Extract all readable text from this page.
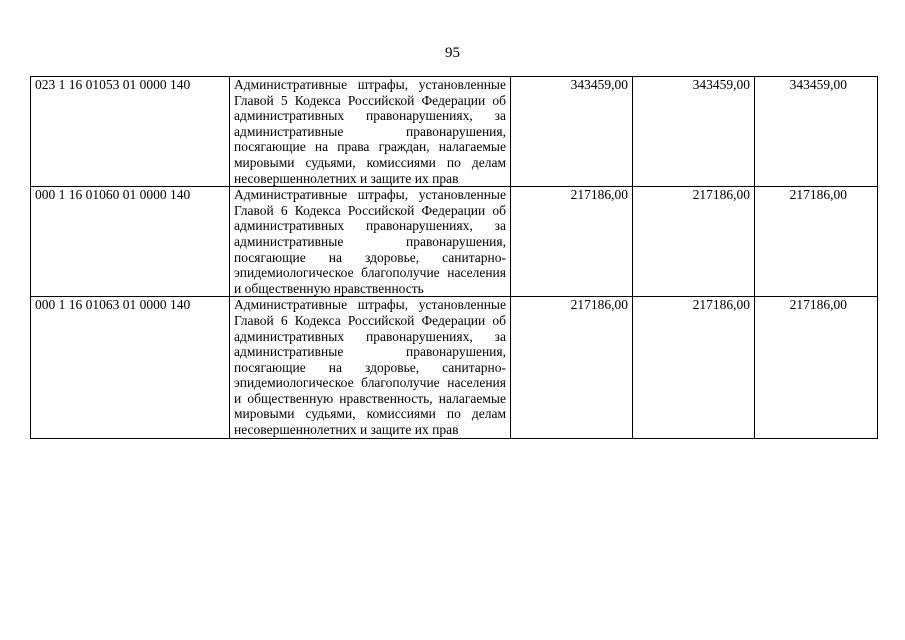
95
023 1 16 01053 01 0000 140	Административные штрафы, установленные Главой 5 Кодекса Российской Федерации об административных правонарушениях, за административные правонарушения, посягающие на права граждан, налагаемые мировыми судьями, комиссиями по делам несовершеннолетних и защите их прав	343459,00	343459,00	343459,00
000 1 16 01060 01 0000 140	Административные штрафы, установленные Главой 6 Кодекса Российской Федерации об административных правонарушениях, за административные правонарушения, посягающие на здоровье, санитарно-эпидемиологическое благополучие населения и общественную нравственность	217186,00	217186,00	217186,00
000 1 16 01063 01 0000 140	Административные штрафы, установленные Главой 6 Кодекса Российской Федерации об административных правонарушениях, за административные правонарушения, посягающие на здоровье, санитарно-эпидемиологическое благополучие населения и общественную нравственность, налагаемые мировыми судьями, комиссиями по делам несовершеннолетних и защите их прав	217186,00	217186,00	217186,00
